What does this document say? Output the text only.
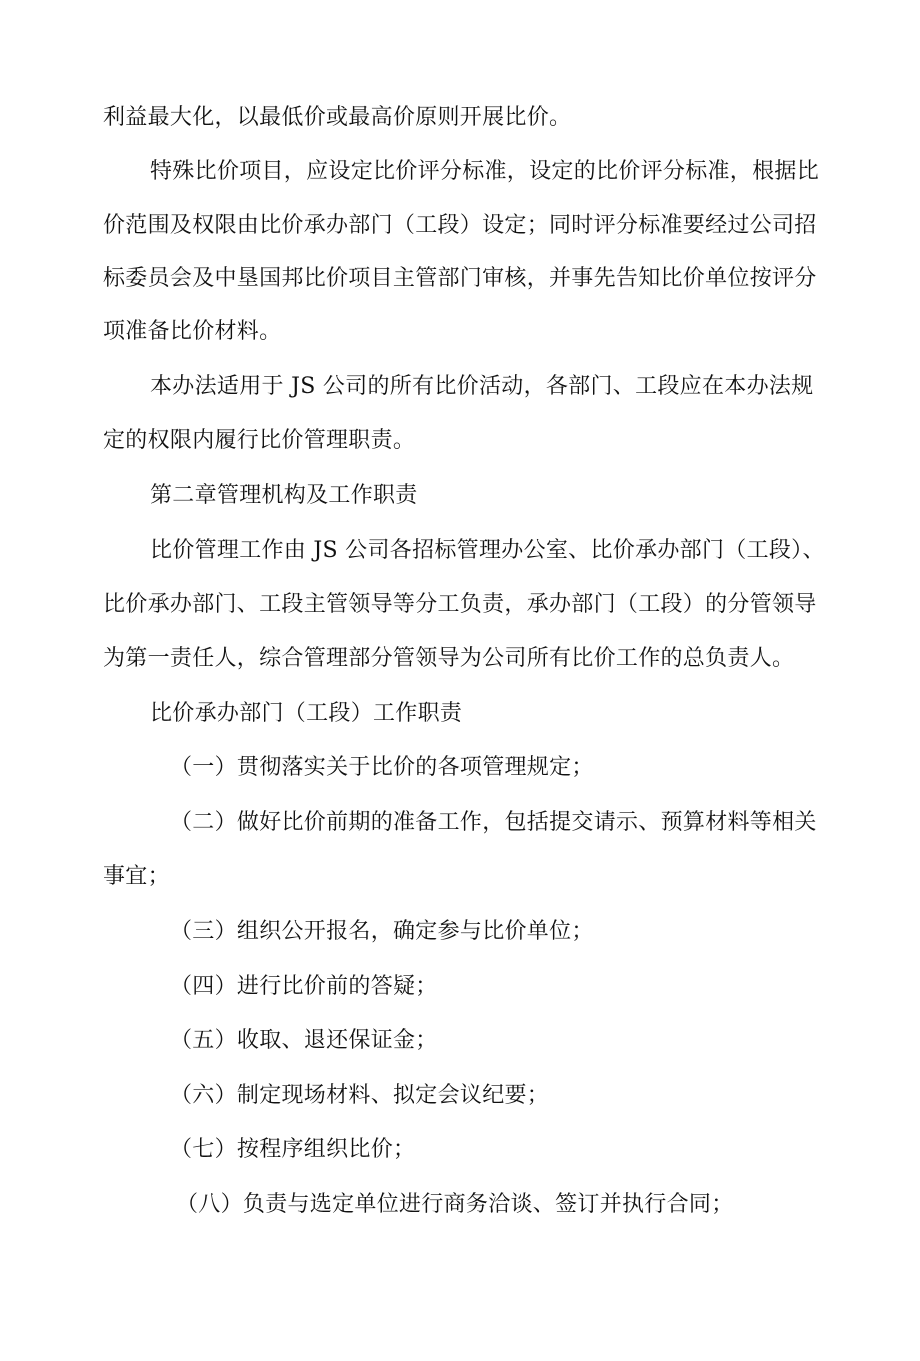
利益最大化，以最低价或最高价原则开展比价。
特殊比价项目，应设定比价评分标准，设定的比价评分标准，根据比
价范围及权限由比价承办部门（工段）设定；同时评分标准要经过公司招
标委员会及中垦国邦比价项目主管部门审核，并事先告知比价单位按评分
项准备比价材料。
本办法适用于 JS 公司的所有比价活动，各部门、工段应在本办法规
定的权限内履行比价管理职责。
第二章管理机构及工作职责
比价管理工作由 JS 公司各招标管理办公室、比价承办部门（工段）、
比价承办部门、工段主管领导等分工负责，承办部门（工段）的分管领导
为第一责任人，综合管理部分管领导为公司所有比价工作的总负责人。
比价承办部门（工段）工作职责
（一）贯彻落实关于比价的各项管理规定；
（二）做好比价前期的准备工作，包括提交请示、预算材料等相关
事宜；
（三）组织公开报名，确定参与比价单位；
（四）进行比价前的答疑；
（五）收取、退还保证金；
（六）制定现场材料、拟定会议纪要；
（七）按程序组织比价；
（八）负责与选定单位进行商务洽谈、签订并执行合同；
